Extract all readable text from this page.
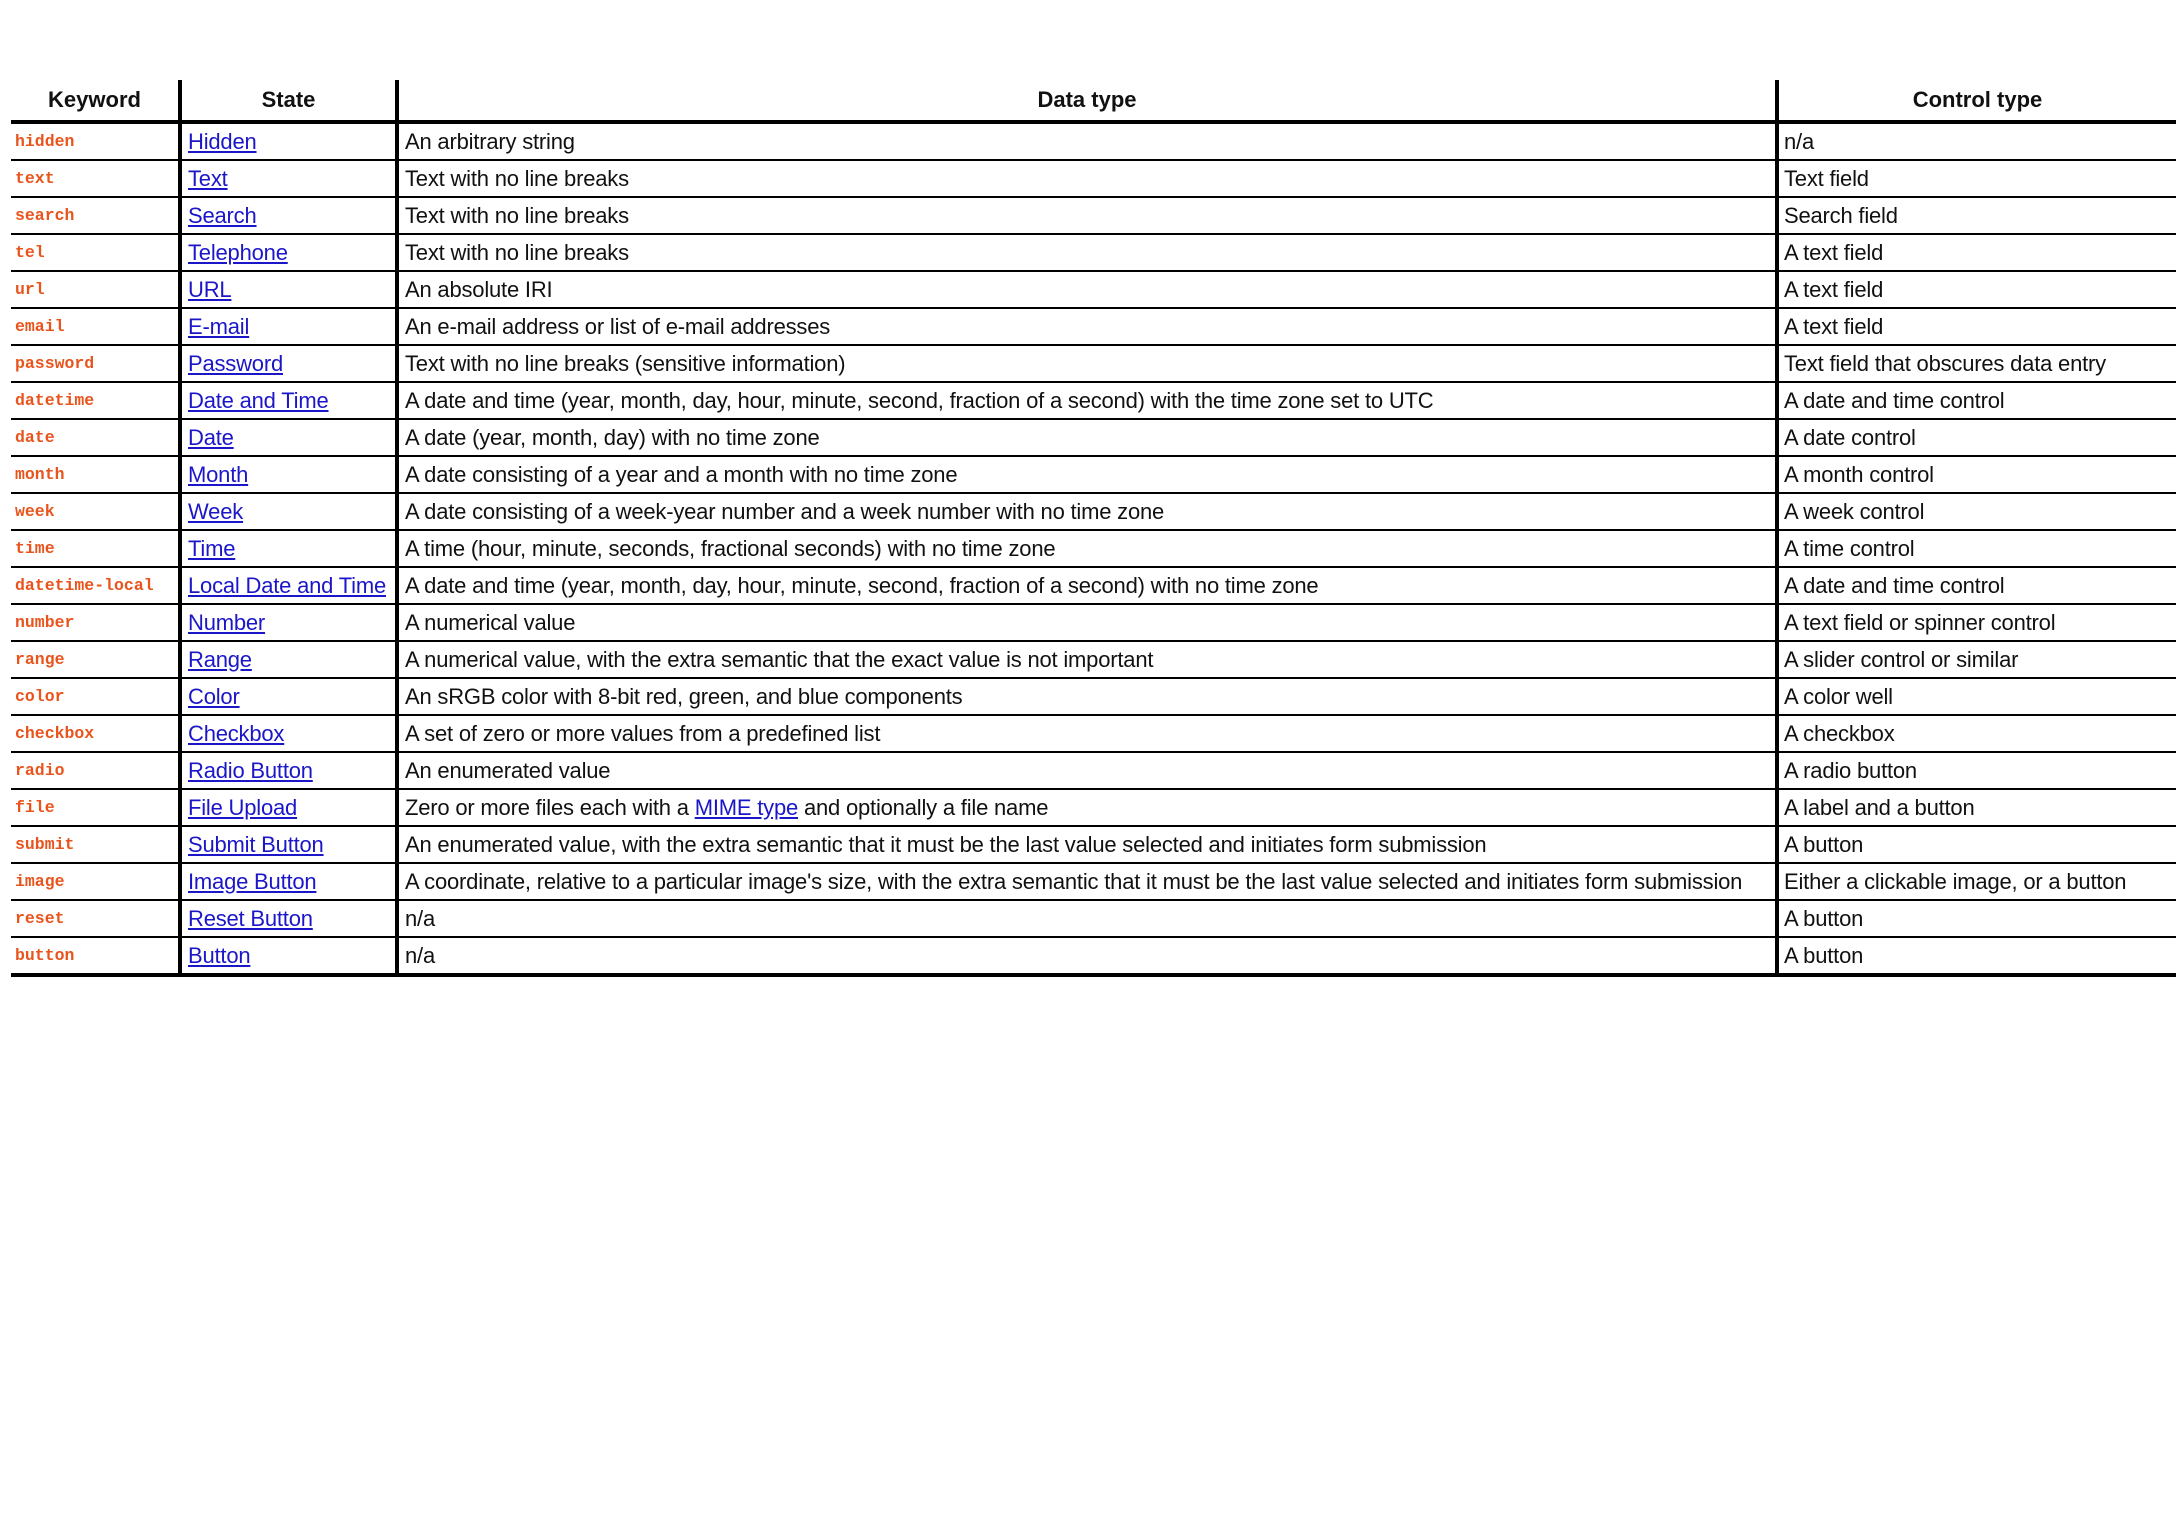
Keyword	State	Data type	Control type
hidden	Hidden	An arbitrary string	n/a
text	Text	Text with no line breaks	Text field
search	Search	Text with no line breaks	Search field
tel	Telephone	Text with no line breaks	A text field
url	URL	An absolute IRI	A text field
email	E-mail	An e-mail address or list of e-mail addresses	A text field
password	Password	Text with no line breaks (sensitive information)	Text field that obscures data entry
datetime	Date and Time	A date and time (year, month, day, hour, minute, second, fraction of a second) with the time zone set to UTC	A date and time control
date	Date	A date (year, month, day) with no time zone	A date control
month	Month	A date consisting of a year and a month with no time zone	A month control
week	Week	A date consisting of a week-year number and a week number with no time zone	A week control
time	Time	A time (hour, minute, seconds, fractional seconds) with no time zone	A time control
datetime-local	Local Date and Time	A date and time (year, month, day, hour, minute, second, fraction of a second) with no time zone	A date and time control
number	Number	A numerical value	A text field or spinner control
range	Range	A numerical value, with the extra semantic that the exact value is not important	A slider control or similar
color	Color	An sRGB color with 8-bit red, green, and blue components	A color well
checkbox	Checkbox	A set of zero or more values from a predefined list	A checkbox
radio	Radio Button	An enumerated value	A radio button
file	File Upload	Zero or more files each with a MIME type and optionally a file name	A label and a button
submit	Submit Button	An enumerated value, with the extra semantic that it must be the last value selected and initiates form submission	A button
image	Image Button	A coordinate, relative to a particular image's size, with the extra semantic that it must be the last value selected and initiates form submission	Either a clickable image, or a button
reset	Reset Button	n/a	A button
button	Button	n/a	A button
